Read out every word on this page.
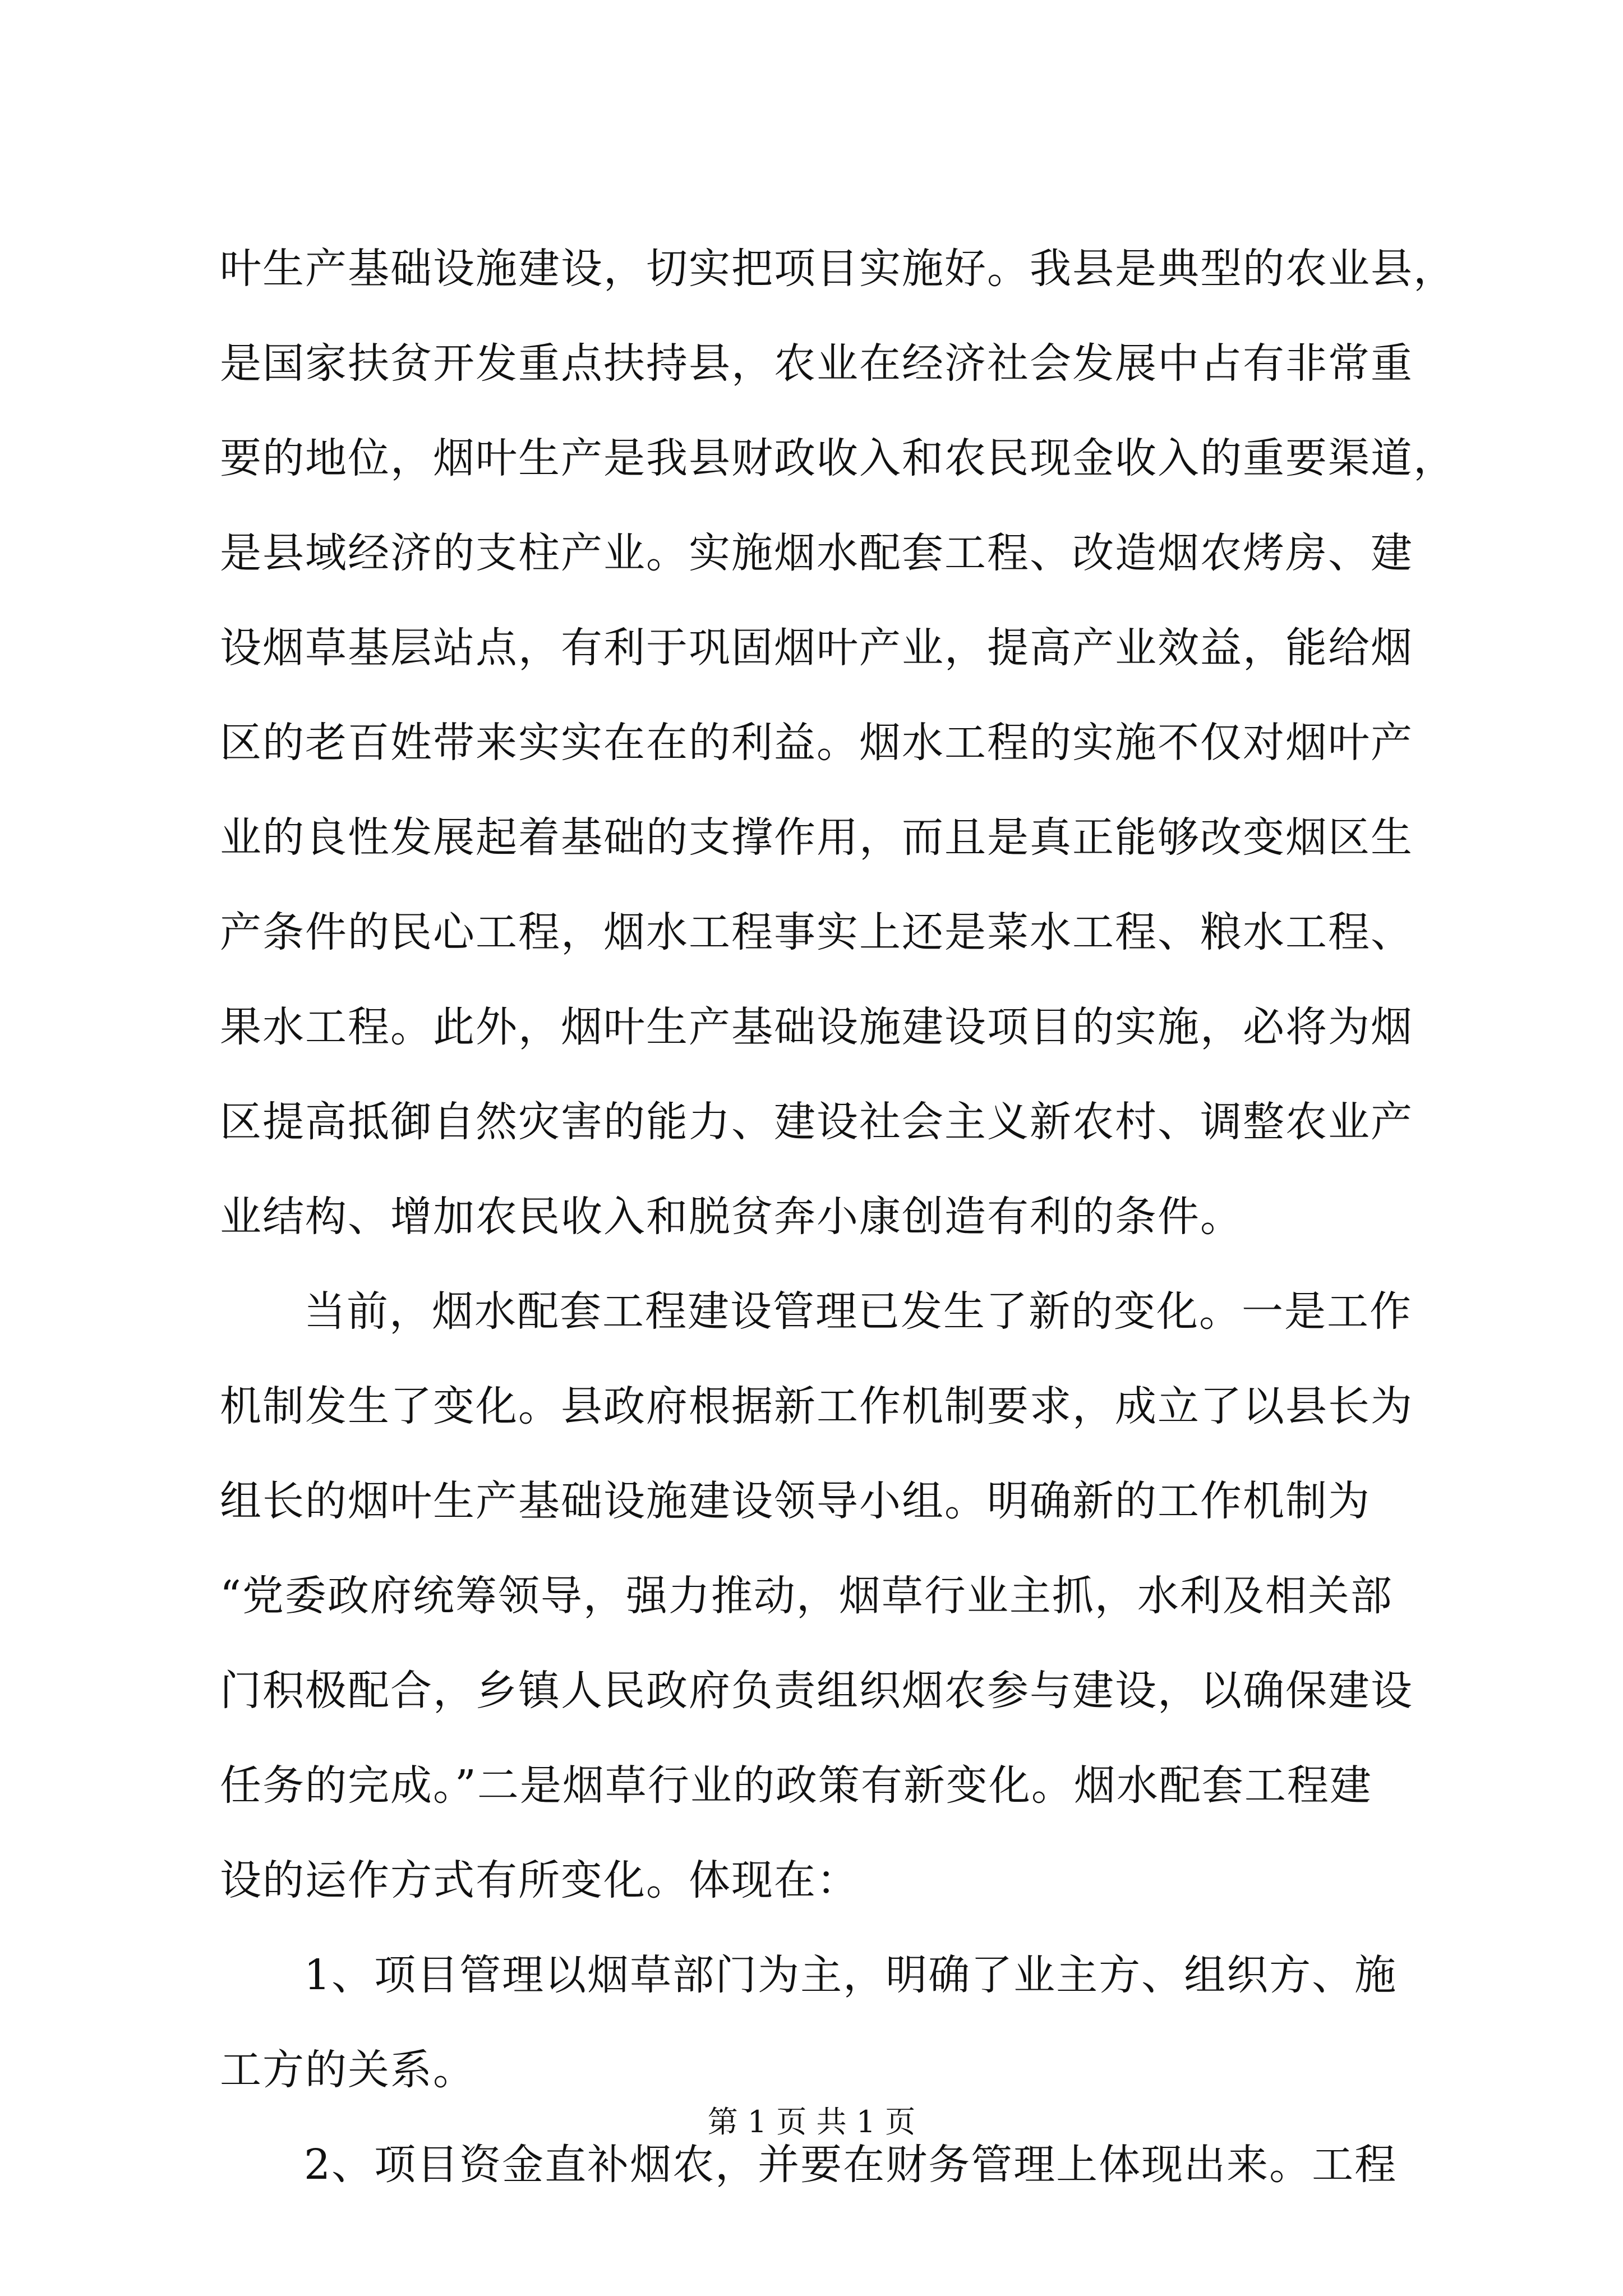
叶生产基础设施建设，切实把项目实施好。我县是典型的农业县，
是国家扶贫开发重点扶持县，农业在经济社会发展中占有非常重
要的地位，烟叶生产是我县财政收入和农民现金收入的重要渠道，
是县域经济的支柱产业。实施烟水配套工程、改造烟农烤房、建
设烟草基层站点，有利于巩固烟叶产业，提高产业效益，能给烟
区的老百姓带来实实在在的利益。烟水工程的实施不仅对烟叶产
业的良性发展起着基础的支撑作用，而且是真正能够改变烟区生
产条件的民心工程，烟水工程事实上还是菜水工程、粮水工程、
果水工程。此外，烟叶生产基础设施建设项目的实施，必将为烟
区提高抵御自然灾害的能力、建设社会主义新农村、调整农业产
业结构、增加农民收入和脱贫奔小康创造有利的条件。
当前，烟水配套工程建设管理已发生了新的变化。一是工作
机制发生了变化。县政府根据新工作机制要求，成立了以县长为
组长的烟叶生产基础设施建设领导小组。明确新的工作机制为
“党委政府统筹领导，强力推动，烟草行业主抓，水利及相关部
门积极配合，乡镇人民政府负责组织烟农参与建设，以确保建设
任务的完成。”二是烟草行业的政策有新变化。烟水配套工程建
设的运作方式有所变化。体现在：
1、项目管理以烟草部门为主，明确了业主方、组织方、施
工方的关系。
2、项目资金直补烟农，并要在财务管理上体现出来。工程
第 1 页 共 1 页
